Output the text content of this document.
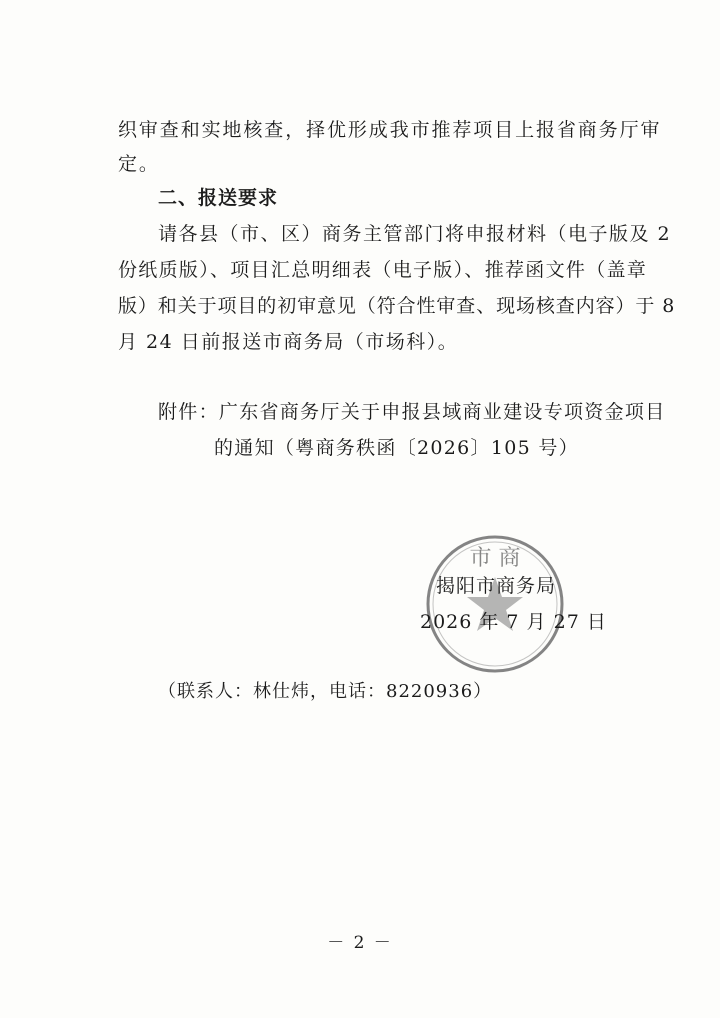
织审查和实地核查，择优形成我市推荐项目上报省商务厅审
定。
二、报送要求
请各县（市、区）商务主管部门将申报材料（电子版及 2
份纸质版）、项目汇总明细表（电子版）、推荐函文件（盖章
版）和关于项目的初审意见（符合性审查、现场核查内容）于 8
月 24 日前报送市商务局（市场科）。
附件：广东省商务厅关于申报县域商业建设专项资金项目
的通知（粤商务秩函〔2026〕105 号）
市 商
揭阳市商务局
2026 年 7 月 27 日
（联系人：林仕炜，电话：8220936）
－ 2 －
